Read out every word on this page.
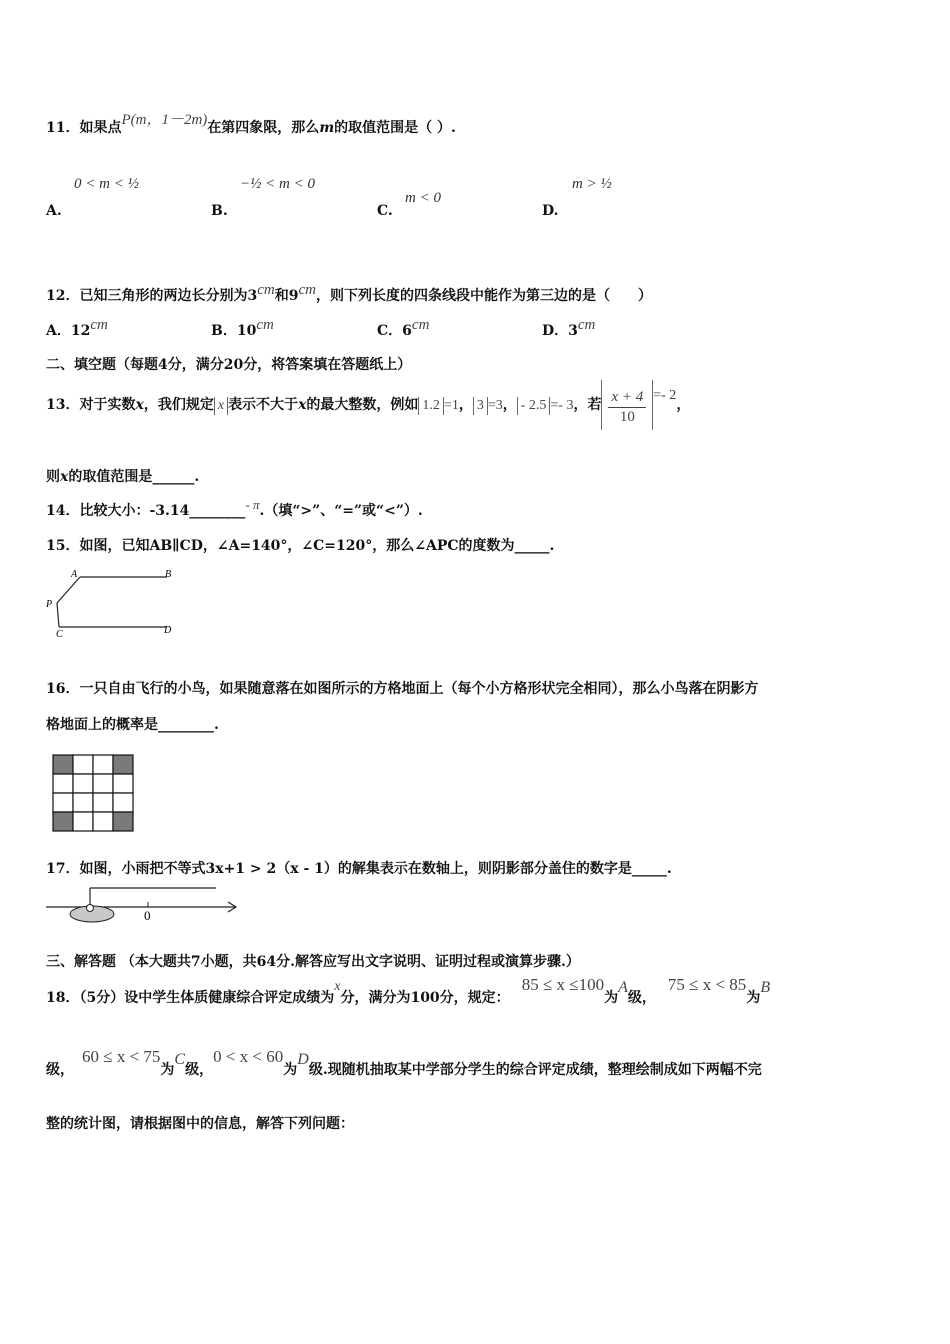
11．如果点P(m，1－2m)在第四象限，那么m的取值范围是（ ）.
A.
0 < m < ½
B.
−½ < m < 0
C.
m < 0
D.
m > ½
12．已知三角形的两边长分别为3cm和9cm，则下列长度的四条线段中能作为第三边的是（　　）
A．12cm	B．10cm	C．6cm	D．3cm
二、填空题（每题4分，满分20分，将答案填在答题纸上）
13．对于实数x，我们规定 x 表示不大于x的最大整数，例如 1.2 =1， 3 =3， - 2.5 =- 3，若 $\frac{x + 4}{10} =- 2$，
则x的取值范围是______.
14．比较大小：-3.14________- π.（填“>”、“=”或“<”）.
15．如图，已知AB∥CD，∠A=140°，∠C=120°，那么∠APC的度数为_____.
A	B
P
C	D
16．一只自由飞行的小鸟，如果随意落在如图所示的方格地面上（每个小方格形状完全相同），那么小鸟落在阴影方
格地面上的概率是________.
17．如图，小雨把不等式3x+1 > 2（x - 1）的解集表示在数轴上，则阴影部分盖住的数字是_____.
0
三、解答题 （本大题共7小题，共64分.解答应写出文字说明、证明过程或演算步骤.）
18．（5分）设中学生体质健康综合评定成绩为x分，满分为100分，规定：85 ≤ x ≤100为A级，75 ≤ x < 85为B
级，60 ≤ x < 75为C级，0 < x < 60为D级.现随机抽取某中学部分学生的综合评定成绩，整理绘制成如下两幅不完
整的统计图，请根据图中的信息，解答下列问题：
